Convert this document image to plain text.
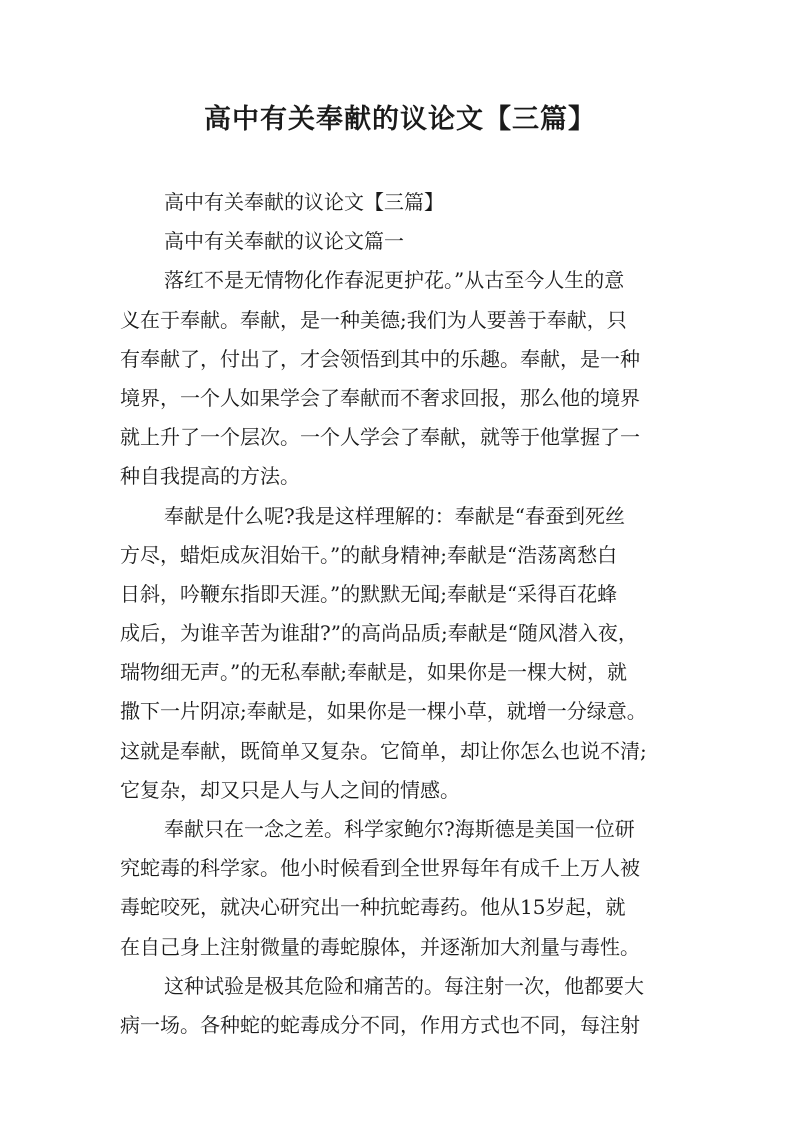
高中有关奉献的议论文【三篇】
高中有关奉献的议论文【三篇】
高中有关奉献的议论文篇一
落红不是无情物化作春泥更护花。”从古至今人生的意
义在于奉献。奉献，是一种美德;我们为人要善于奉献，只
有奉献了，付出了，才会领悟到其中的乐趣。奉献，是一种
境界，一个人如果学会了奉献而不奢求回报，那么他的境界
就上升了一个层次。一个人学会了奉献，就等于他掌握了一
种自我提高的方法。
奉献是什么呢?我是这样理解的：奉献是“春蚕到死丝
方尽，蜡炬成灰泪始干。”的献身精神;奉献是“浩荡离愁白
日斜，吟鞭东指即天涯。”的默默无闻;奉献是“采得百花蜂
成后，为谁辛苦为谁甜?”的高尚品质;奉献是“随风潜入夜，
瑞物细无声。”的无私奉献;奉献是，如果你是一棵大树，就
撒下一片阴凉;奉献是，如果你是一棵小草，就增一分绿意。
这就是奉献，既简单又复杂。它简单，却让你怎么也说不清;
它复杂，却又只是人与人之间的情感。
奉献只在一念之差。科学家鲍尔?海斯德是美国一位研
究蛇毒的科学家。他小时候看到全世界每年有成千上万人被
毒蛇咬死，就决心研究出一种抗蛇毒药。他从15岁起，就
在自己身上注射微量的毒蛇腺体，并逐渐加大剂量与毒性。
这种试验是极其危险和痛苦的。每注射一次，他都要大
病一场。各种蛇的蛇毒成分不同，作用方式也不同，每注射
